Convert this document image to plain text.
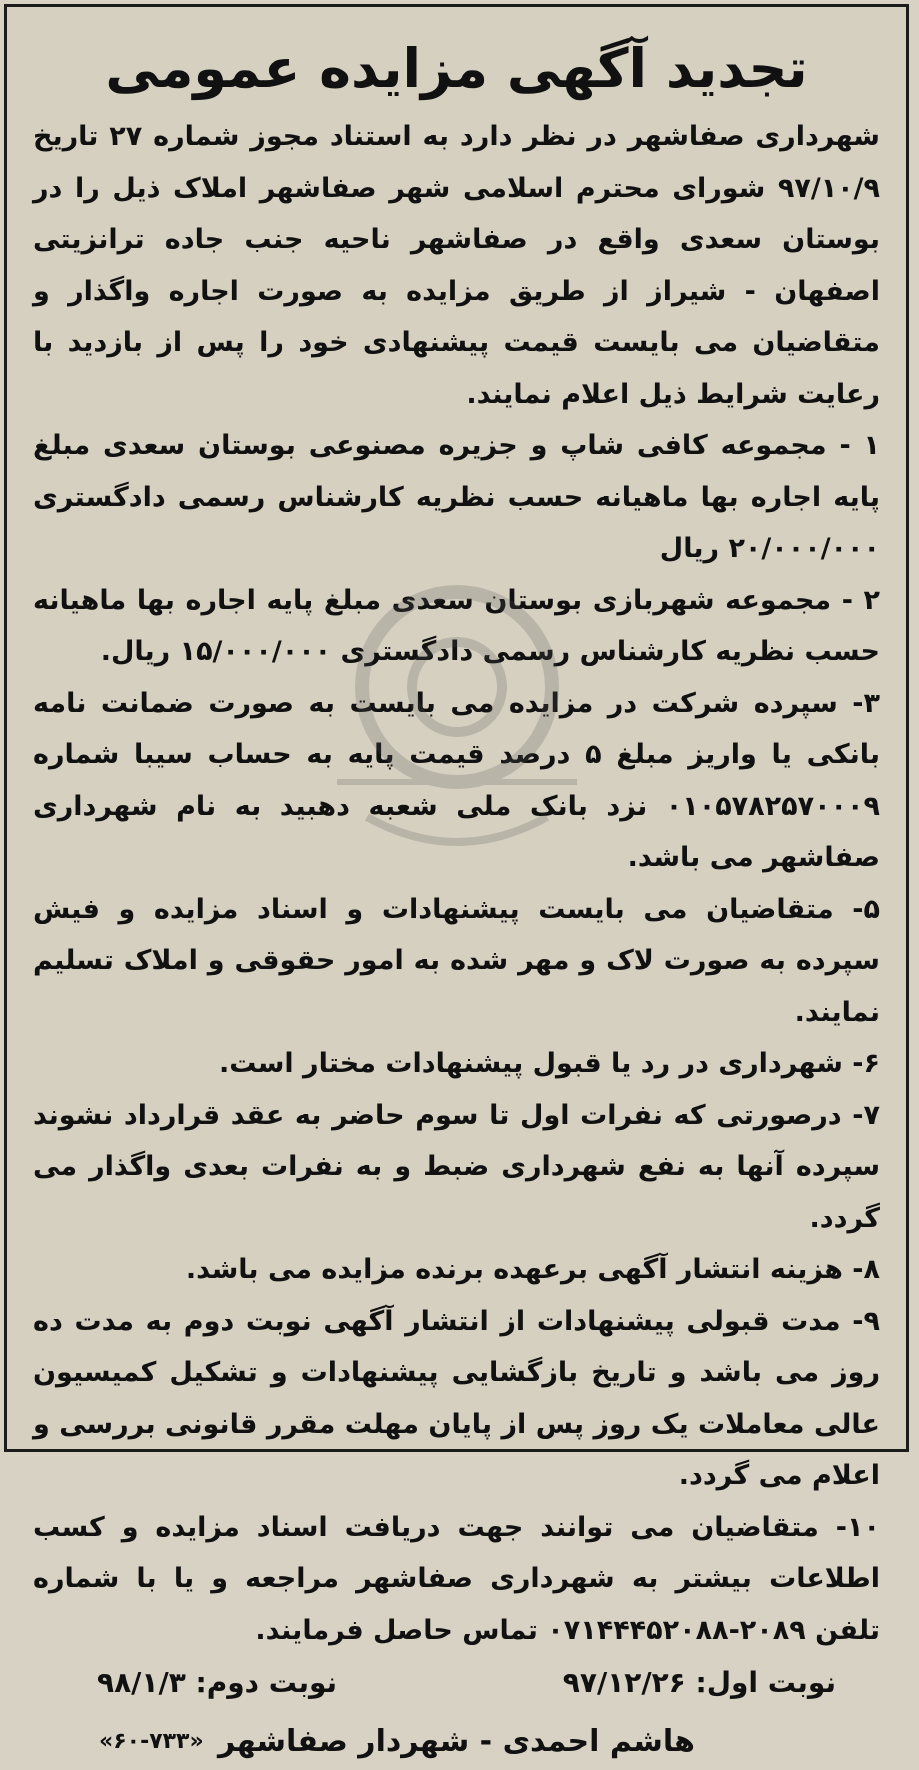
تجدید آگهی مزایده عمومی

شهرداری صفاشهر در نظر دارد به استناد مجوز شماره ۲۷ تاریخ ۹۷/۱۰/۹ شورای محترم اسلامی شهر صفاشهر املاک ذیل را در بوستان سعدی واقع در صفاشهر ناحیه جنب جاده ترانزیتی اصفهان - شیراز از طریق مزایده به صورت اجاره واگذار و متقاضیان می بایست قیمت پیشنهادی خود را پس از بازدید با رعایت شرایط ذیل اعلام نمایند.

۱ - مجموعه کافی شاپ و جزیره مصنوعی بوستان سعدی مبلغ پایه اجاره بها ماهیانه حسب نظریه کارشناس رسمی دادگستری ۲۰/۰۰۰/۰۰۰ ریال

۲ - مجموعه شهربازی بوستان سعدی مبلغ پایه اجاره بها ماهیانه حسب نظریه کارشناس رسمی دادگستری ۱۵/۰۰۰/۰۰۰ ریال.

۳- سپرده شرکت در مزایده می بایست به صورت ضمانت نامه بانکی یا واریز مبلغ ۵ درصد قیمت پایه به حساب سیبا شماره ۰۱۰۵۷۸۲۵۷۰۰۰۹ نزد بانک ملی شعبه دهبید به نام شهرداری صفاشهر می باشد.

۵- متقاضیان می بایست پیشنهادات و اسناد مزایده و فیش سپرده به صورت لاک و مهر شده به امور حقوقی و املاک تسلیم نمایند.

۶- شهرداری در رد یا قبول پیشنهادات مختار است.

۷- درصورتی که نفرات اول تا سوم حاضر به عقد قرارداد نشوند سپرده آنها به نفع شهرداری ضبط و به نفرات بعدی واگذار می گردد.

۸- هزینه انتشار آگهی برعهده برنده مزایده می باشد.

۹- مدت قبولی پیشنهادات از انتشار آگهی نوبت دوم به مدت ده روز می باشد و تاریخ بازگشایی پیشنهادات و تشکیل کمیسیون عالی معاملات یک روز پس از پایان مهلت مقرر قانونی بررسی و اعلام می گردد.

۱۰- متقاضیان می توانند جهت دریافت اسناد مزایده و کسب اطلاعات بیشتر به شهرداری صفاشهر مراجعه و یا با شماره تلفن ۲۰۸۹-۰۷۱۴۴۴۵۲۰۸۸ تماس حاصل فرمایند.

نوبت اول: ۹۷/۱۲/۲۶
نوبت دوم: ۹۸/۱/۳
هاشم احمدی - شهردار صفاشهر
«۶۰-۷۳۳»
